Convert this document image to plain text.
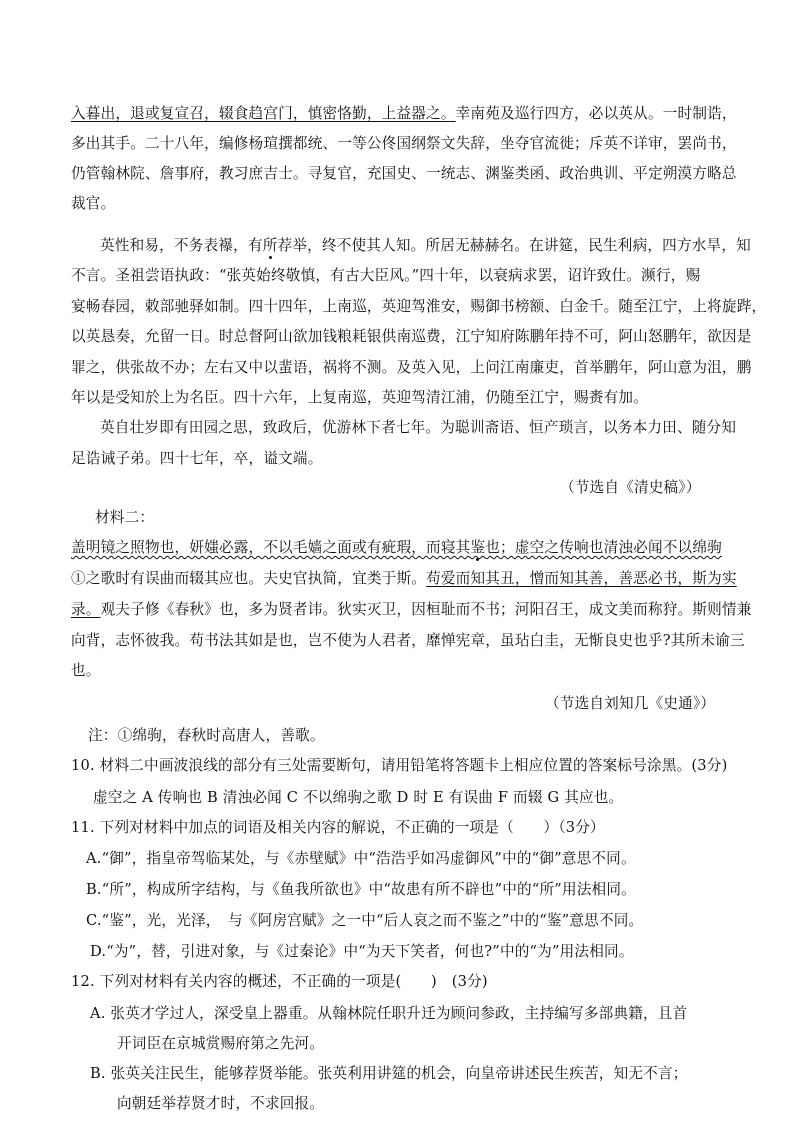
入暮出，退或复宣召，辍食趋宫门，慎密恪勤，上益器之。幸南苑及巡行四方，必以英从。一时制诰，
多出其手。二十八年，编修杨瑄撰都统、一等公佟国纲祭文失辞，坐夺官流徙；斥英不详审，罢尚书，
仍管翰林院、詹事府，教习庶吉士。寻复官，充国史、一统志、渊鉴类函、政治典训、平定朔漠方略总
裁官。
英性和易，不务表襮，有所荐举，终不使其人知。所居无赫赫名。在讲筵，民生利病，四方水旱，知
不言。圣祖尝语执政：“张英始终敬慎，有古大臣风。”四十年，以衰病求罢，诏许致仕。濒行，赐
宴畅春园，敕部驰驿如制。四十四年，上南巡，英迎驾淮安，赐御书榜额、白金千。随至江宁，上将旋跸，
以英恳奏，允留一日。时总督阿山欲加钱粮耗银供南巡费，江宁知府陈鹏年持不可，阿山怒鹏年，欲因是
罪之，供张故不办；左右又中以蜚语，祸将不测。及英入见，上问江南廉吏，首举鹏年，阿山意为沮，鹏
年以是受知於上为名臣。四十六年，上复南巡，英迎驾清江浦，仍随至江宁，赐赉有加。
英自壮岁即有田园之思，致政后，优游林下者七年。为聪训斋语、恒产琐言，以务本力田、随分知
足诰诫子弟。四十七年，卒，谥文端。
（节选自《清史稿》）
材料二：
盖明镜之照物也，妍媸必露，不以毛嫱之面或有疵瑕，而寝其鉴也；虚空之传响也清浊必闻不以绵驹
①之歌时有误曲而辍其应也。夫史官执简，宜类于斯。苟爱而知其丑，憎而知其善，善恶必书，斯为实
录。观夫子修《春秋》也，多为贤者讳。狄实灭卫，因桓耻而不书；河阳召王，成文美而称狩。斯则情兼
向背，志怀彼我。苟书法其如是也，岂不使为人君者，靡惮宪章，虽玷白圭，无惭良史也乎?其所未谕三
也。
（节选自刘知几《史通》）
注：①绵驹，春秋时高唐人，善歌。
10. 材料二中画波浪线的部分有三处需要断句，请用铅笔将答题卡上相应位置的答案标号涂黑。(3分)
虚空之 A 传响也 B 清浊必闻 C 不以绵驹之歌 D 时 E 有误曲 F 而辍 G 其应也。
11. 下列对材料中加点的词语及相关内容的解说，不正确的一项是（　　）（3分）
A.“御”，指皇帝驾临某处，与《赤壁赋》中“浩浩乎如冯虚御风”中的“御”意思不同。
B.“所”，构成所字结构，与《鱼我所欲也》中“故患有所不辟也”中的“所”用法相同。
C.“鉴”，光，光泽，　与《阿房宫赋》之一中“后人哀之而不鉴之”中的“鉴”意思不同。
D.“为”，替，引进对象，与《过秦论》中“为天下笑者，何也?”中的“为”用法相同。
12. 下列对材料有关内容的概述，不正确的一项是(　　)　(3分)
A. 张英才学过人，深受皇上器重。从翰林院任职升迁为顾问参政，主持编写多部典籍，且首
开词臣在京城赏赐府第之先河。
B. 张英关注民生，能够荐贤举能。张英利用讲筵的机会，向皇帝讲述民生疾苦，知无不言；
向朝廷举荐贤才时，不求回报。
